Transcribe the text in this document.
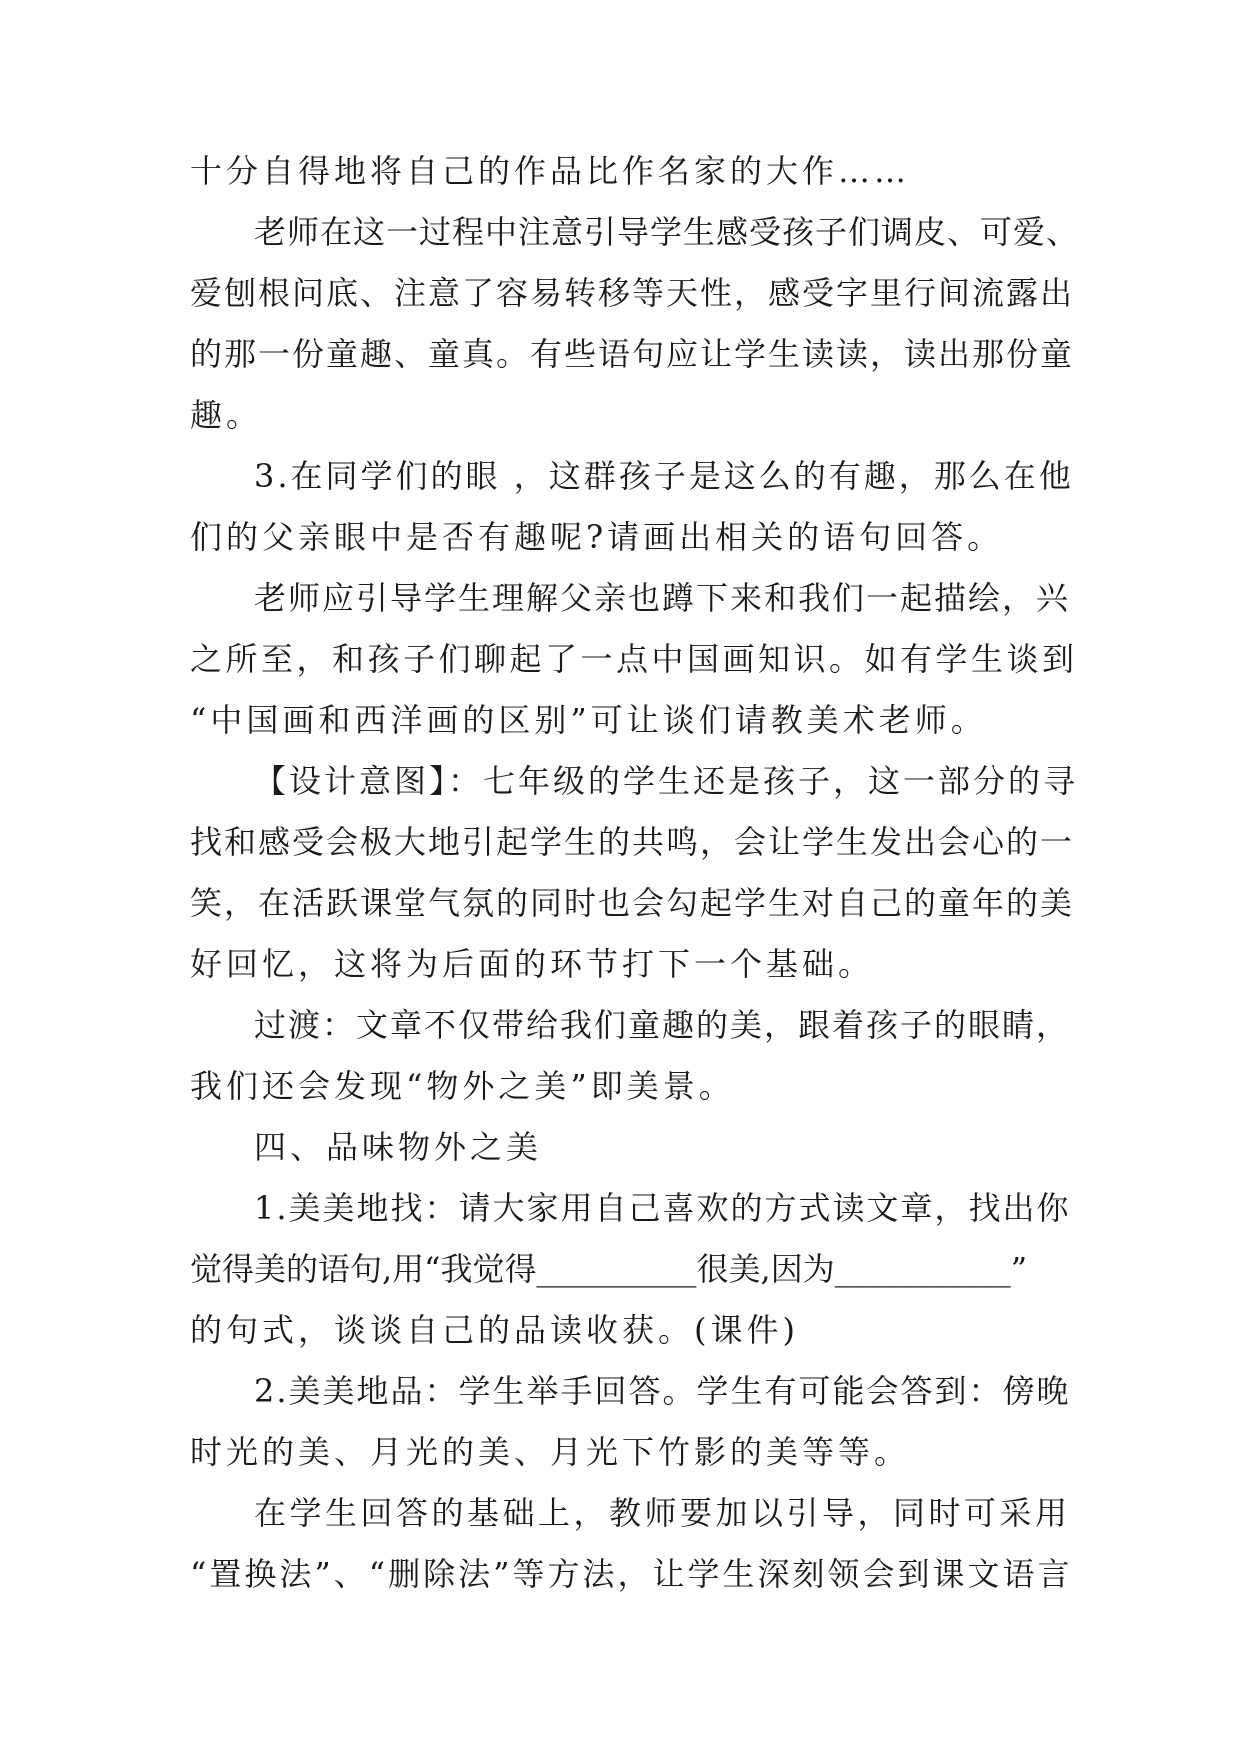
十分自得地将自己的作品比作名家的大作……
老师在这一过程中注意引导学生感受孩子们调皮、可爱、
爱刨根问底、注意了容易转移等天性，感受字里行间流露出
的那一份童趣、童真。有些语句应让学生读读，读出那份童
趣。
3.在同学们的眼 ，这群孩子是这么的有趣，那么在他
们的父亲眼中是否有趣呢?请画出相关的语句回答。
老师应引导学生理解父亲也蹲下来和我们一起描绘，兴
之所至，和孩子们聊起了一点中国画知识。如有学生谈到
“中国画和西洋画的区别”可让谈们请教美术老师。
【设计意图】：七年级的学生还是孩子，这一部分的寻
找和感受会极大地引起学生的共鸣，会让学生发出会心的一
笑，在活跃课堂气氛的同时也会勾起学生对自己的童年的美
好回忆，这将为后面的环节打下一个基础。
过渡：文章不仅带给我们童趣的美，跟着孩子的眼睛，
我们还会发现“物外之美”即美景。
四、品味物外之美
1.美美地找：请大家用自己喜欢的方式读文章，找出你
觉得美的语句,用“我觉得__________很美,因为___________”
的句式，谈谈自己的品读收获。(课件)
2.美美地品：学生举手回答。学生有可能会答到：傍晚
时光的美、月光的美、月光下竹影的美等等。
在学生回答的基础上，教师要加以引导，同时可采用
“置换法”、“删除法”等方法，让学生深刻领会到课文语言
